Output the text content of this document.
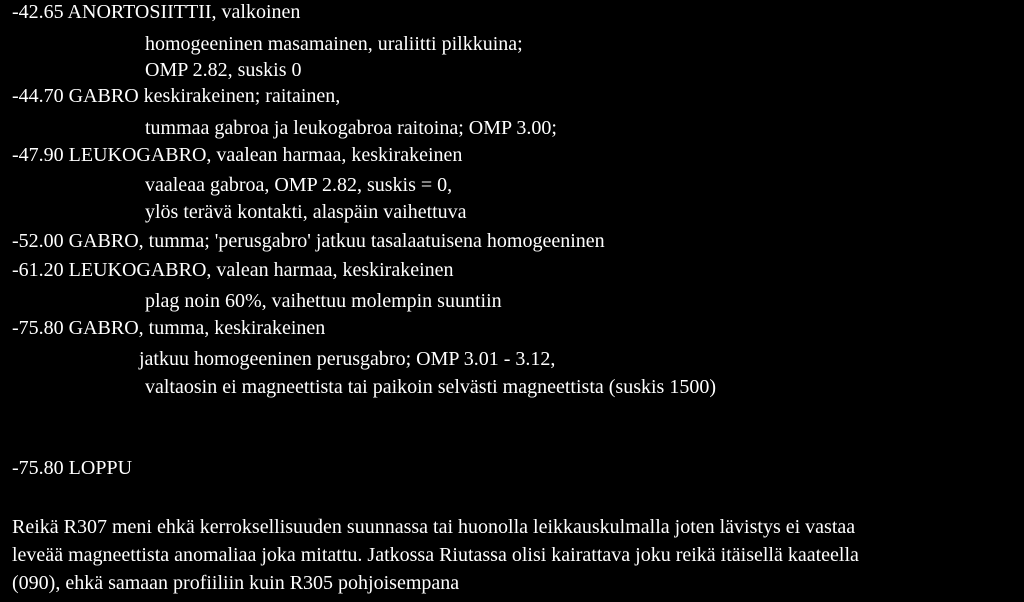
-42.65 ANORTOSIITTII, valkoinen
homogeeninen masamainen, uraliitti pilkkuina;
OMP 2.82, suskis 0
-44.70 GABRO keskirakeinen; raitainen,
tummaa gabroa ja leukogabroa raitoina; OMP 3.00;
-47.90 LEUKOGABRO, vaalean harmaa, keskirakeinen
vaaleaa gabroa, OMP 2.82, suskis = 0,
ylös terävä kontakti, alaspäin vaihettuva
-52.00 GABRO, tumma; 'perusgabro' jatkuu tasalaatuisena homogeeninen
-61.20 LEUKOGABRO, valean harmaa, keskirakeinen
plag noin 60%, vaihettuu molempin suuntiin
-75.80 GABRO, tumma, keskirakeinen
jatkuu homogeeninen perusgabro; OMP 3.01 - 3.12,
valtaosin ei magneettista tai paikoin selvästi magneettista (suskis 1500)
-75.80 LOPPU
Reikä R307 meni ehkä kerroksellisuuden suunnassa tai huonolla leikkauskulmalla joten lävistys ei vastaa
leveää magneettista anomaliaa joka mitattu. Jatkossa Riutassa olisi kairattava joku reikä itäisellä kaateella
(090), ehkä samaan profiiliin kuin R305 pohjoisempana
